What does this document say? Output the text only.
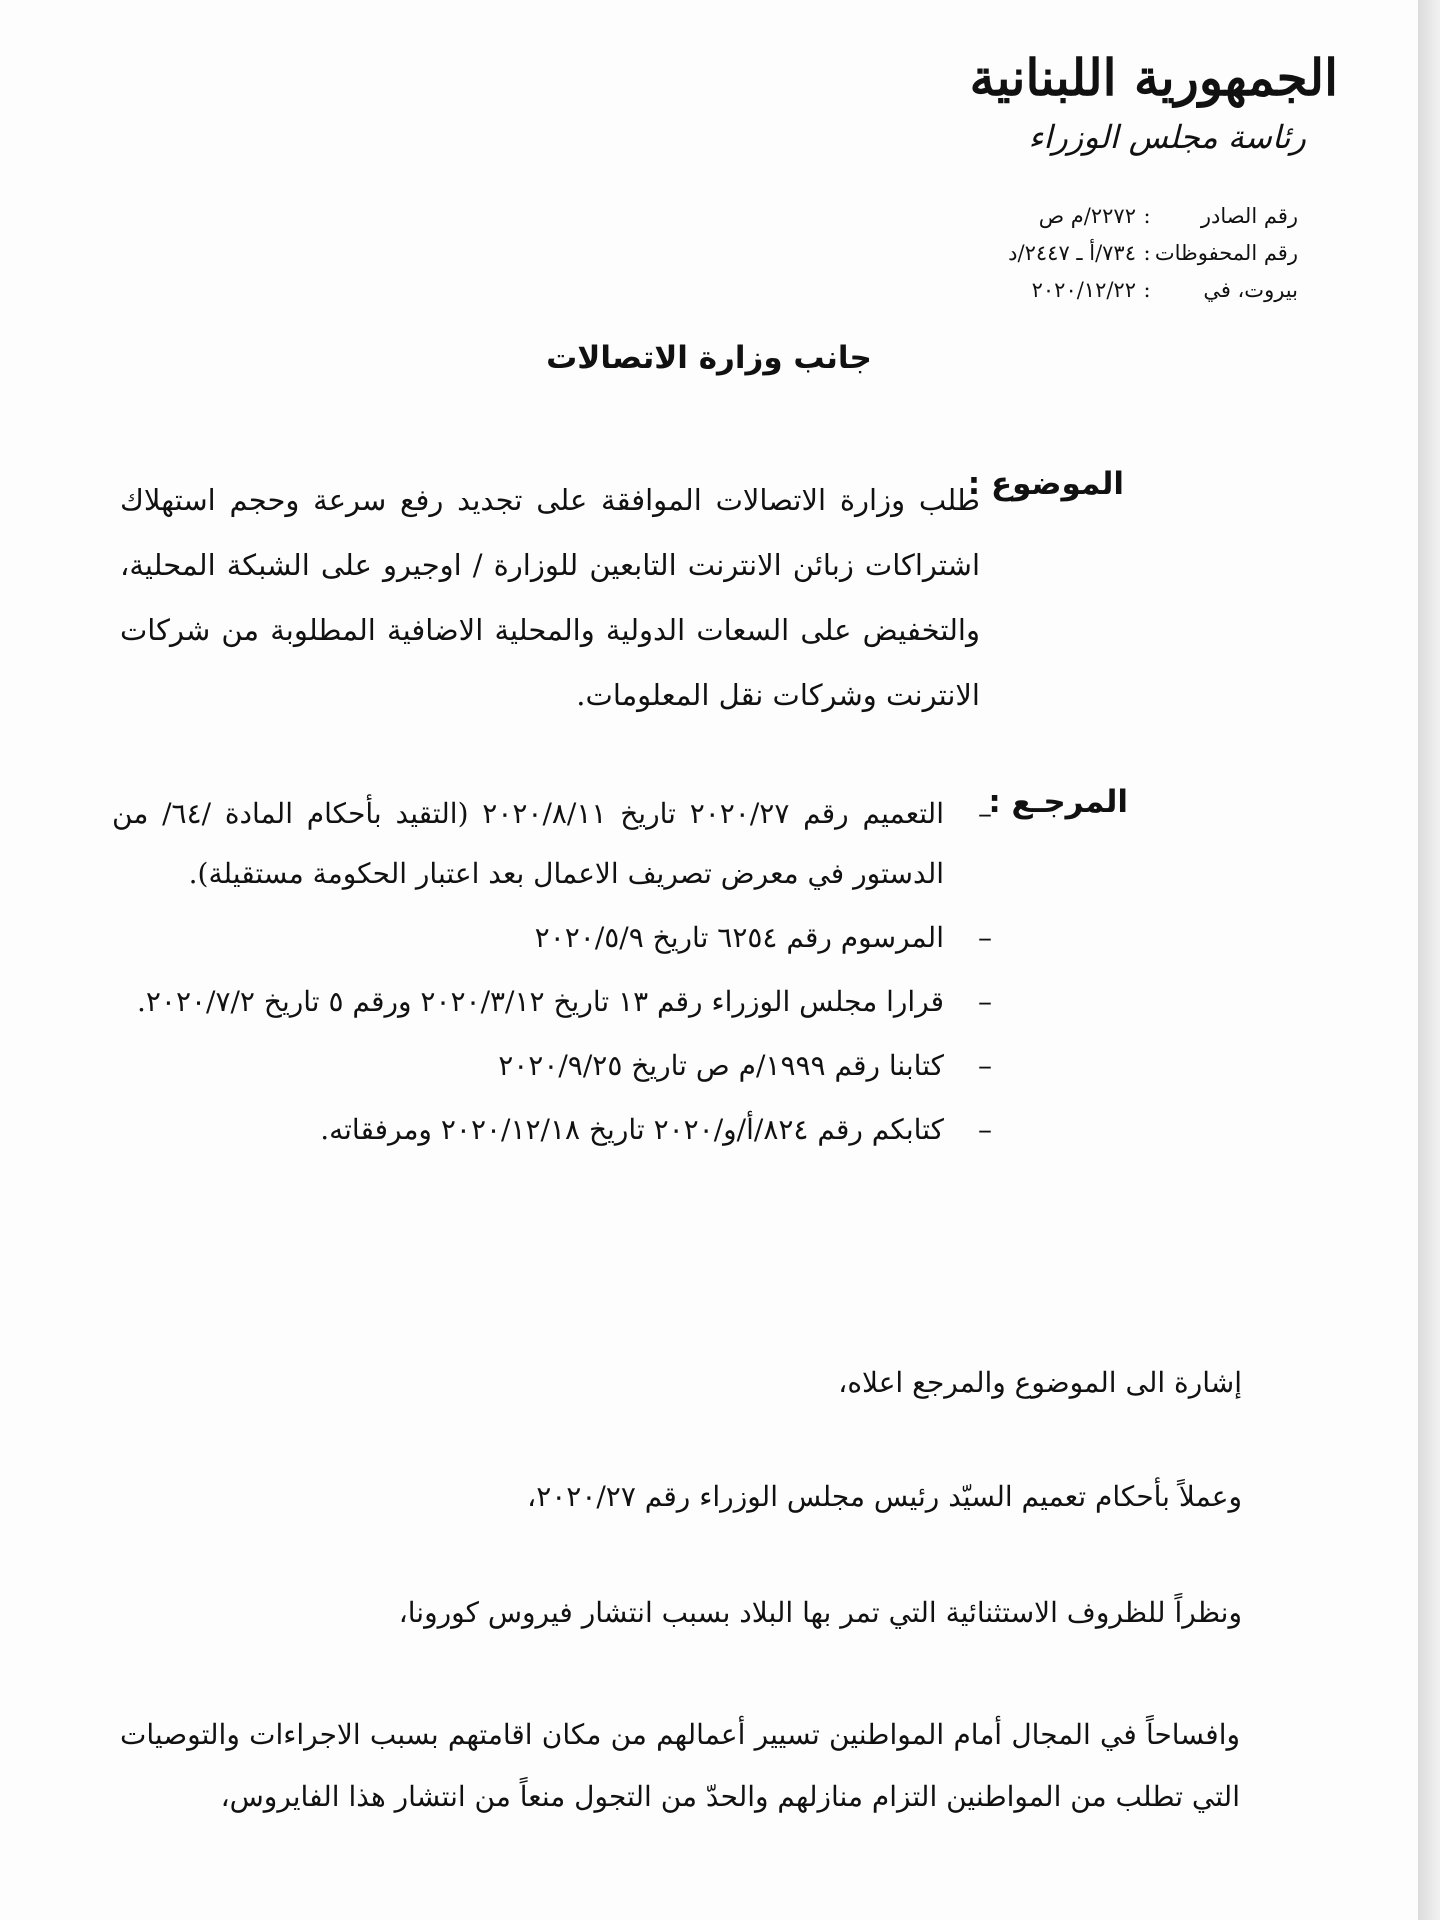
الجمهورية اللبنانية
رئاسة مجلس الوزراء
رقم الصادر
:
٢٢٧٢/م ص
رقم المحفوظات
:
٧٣٤/أ ـ ٢٤٤٧/د
بيروت، في
:
٢٠٢٠/١٢/٢٢
جانب وزارة الاتصالات
الموضوع :
طلب وزارة الاتصالات الموافقة على تجديد رفع سرعة وحجم استهلاك اشتراكات زبائن الانترنت التابعين للوزارة / اوجيرو على الشبكة المحلية، والتخفيض على السعات الدولية والمحلية الاضافية المطلوبة من شركات الانترنت وشركات نقل المعلومات.
المرجـع :
–
التعميم رقم ٢٠٢٠/٢٧ تاريخ ٢٠٢٠/٨/١١ (التقيد بأحكام المادة /٦٤/ من الدستور في معرض تصريف الاعمال بعد اعتبار الحكومة مستقيلة).
–
المرسوم رقم ٦٢٥٤ تاريخ ٢٠٢٠/٥/٩
–
قرارا مجلس الوزراء رقم ١٣ تاريخ ٢٠٢٠/٣/١٢ ورقم ٥ تاريخ ٢٠٢٠/٧/٢.
–
كتابنا رقم ١٩٩٩/م ص تاريخ ٢٠٢٠/٩/٢٥
–
كتابكم رقم ٨٢٤/أ/و/٢٠٢٠ تاريخ ٢٠٢٠/١٢/١٨ ومرفقاته.
إشارة الى الموضوع والمرجع اعلاه،
وعملاً بأحكام تعميم السيّد رئيس مجلس الوزراء رقم ٢٠٢٠/٢٧،
ونظراً للظروف الاستثنائية التي تمر بها البلاد بسبب انتشار فيروس كورونا،
وافساحاً في المجال أمام المواطنين تسيير أعمالهم من مكان اقامتهم بسبب الاجراءات والتوصيات التي تطلب من المواطنين التزام منازلهم والحدّ من التجول منعاً من انتشار هذا الفايروس،
